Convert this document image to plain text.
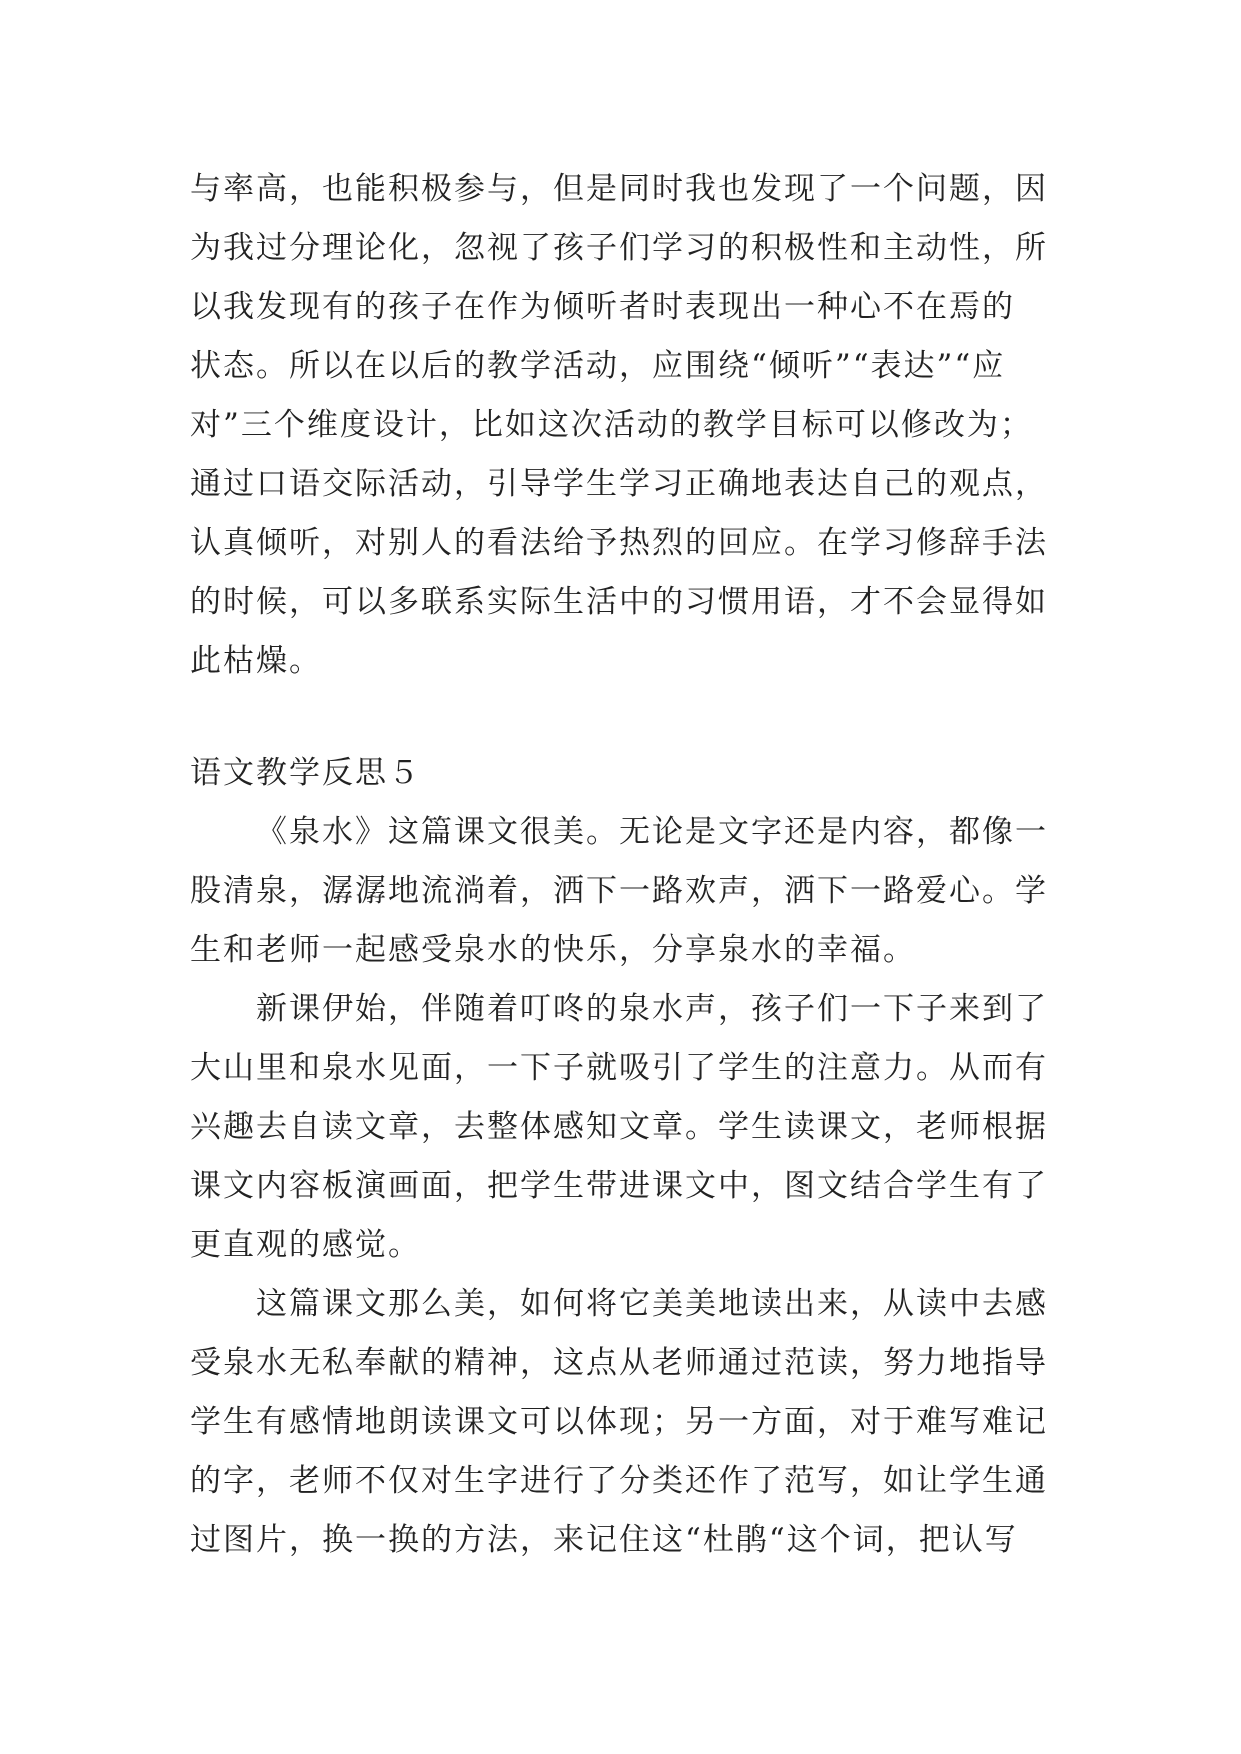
与率高，也能积极参与，但是同时我也发现了一个问题，因
为我过分理论化，忽视了孩子们学习的积极性和主动性，所
以我发现有的孩子在作为倾听者时表现出一种心不在焉的
状态。所以在以后的教学活动，应围绕“倾听”“表达”“应
对”三个维度设计，比如这次活动的教学目标可以修改为；
通过口语交际活动，引导学生学习正确地表达自己的观点，
认真倾听，对别人的看法给予热烈的回应。在学习修辞手法
的时候，可以多联系实际生活中的习惯用语，才不会显得如
此枯燥。
语文教学反思５
《泉水》这篇课文很美。无论是文字还是内容，都像一
股清泉，潺潺地流淌着，洒下一路欢声，洒下一路爱心。学
生和老师一起感受泉水的快乐，分享泉水的幸福。
新课伊始，伴随着叮咚的泉水声，孩子们一下子来到了
大山里和泉水见面，一下子就吸引了学生的注意力。从而有
兴趣去自读文章，去整体感知文章。学生读课文，老师根据
课文内容板演画面，把学生带进课文中，图文结合学生有了
更直观的感觉。
这篇课文那么美，如何将它美美地读出来，从读中去感
受泉水无私奉献的精神，这点从老师通过范读，努力地指导
学生有感情地朗读课文可以体现；另一方面，对于难写难记
的字，老师不仅对生字进行了分类还作了范写，如让学生通
过图片，换一换的方法，来记住这“杜鹃“这个词，把认写
